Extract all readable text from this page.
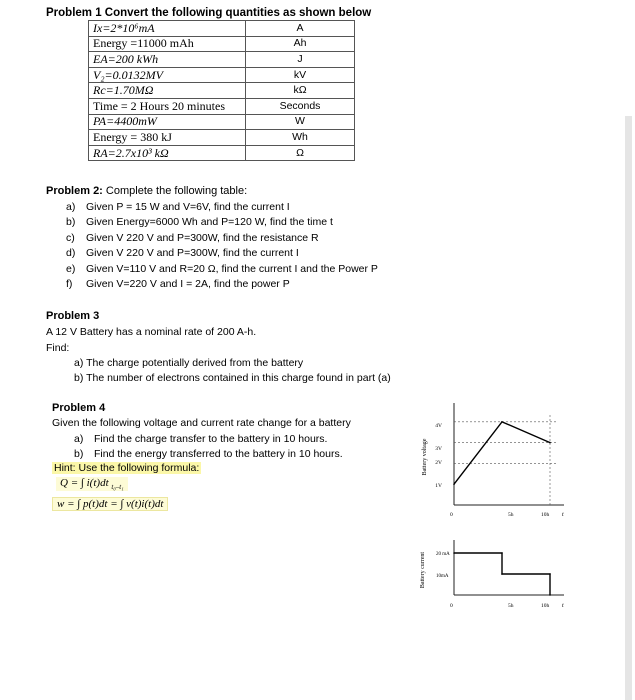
Problem 1 Convert the following quantities as shown below
Ix=2*10⁶mA	A
Energy =11000 mAh	Ah
EA=200 kWh	J
V₂=0.0132MV	kV
Rc=1.70MΩ	kΩ
Time = 2 Hours 20 minutes	Seconds
PA=4400mW	W
Energy = 380 kJ	Wh
RA=2.7x10³ kΩ	Ω
Problem 2: Complete the following table:
a) Given P = 15 W and V=6V, find the current I
b) Given Energy=6000 Wh and P=120 W, find the time t
c) Given V 220 V and P=300W, find the resistance R
d) Given V 220 V and P=300W, find the current I
e) Given V=110 V and R=20 Ω, find the current I and the Power P
f) Given V=220 V and I = 2A, find the power P
Problem 3
A 12 V Battery has a nominal rate of 200 A-h.
Find:
a) The charge potentially derived from the battery
b) The number of electrons contained in this charge found in part (a)
Problem 4
Given the following voltage and current rate change for a battery
a) Find the charge transfer to the battery in 10 hours.
b) Find the energy transferred to the battery in 10 hours.
Hint: Use the following formula:
Q = ∫ i(t)dt $_{t_0-t_1}$
w = ∫ p(t)dt = ∫ v(t)i(t)dt
Battery voltage
4V
3V
2V
1V
0	5h	10h t
Battery current 20 mA
10mA
0	5h	10h t
